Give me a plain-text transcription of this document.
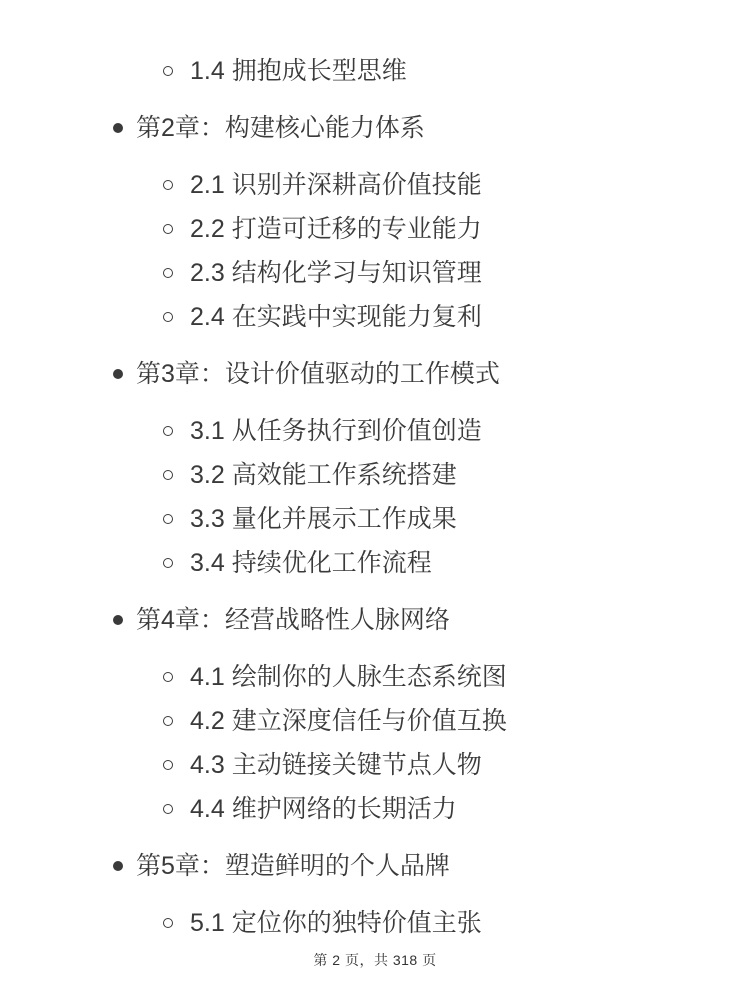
1.4 拥抱成长型思维
第2章：构建核心能力体系
2.1 识别并深耕高价值技能
2.2 打造可迁移的专业能力
2.3 结构化学习与知识管理
2.4 在实践中实现能力复利
第3章：设计价值驱动的工作模式
3.1 从任务执行到价值创造
3.2 高效能工作系统搭建
3.3 量化并展示工作成果
3.4 持续优化工作流程
第4章：经营战略性人脉网络
4.1 绘制你的人脉生态系统图
4.2 建立深度信任与价值互换
4.3 主动链接关键节点人物
4.4 维护网络的长期活力
第5章：塑造鲜明的个人品牌
5.1 定位你的独特价值主张
第 2 页，共 318 页
